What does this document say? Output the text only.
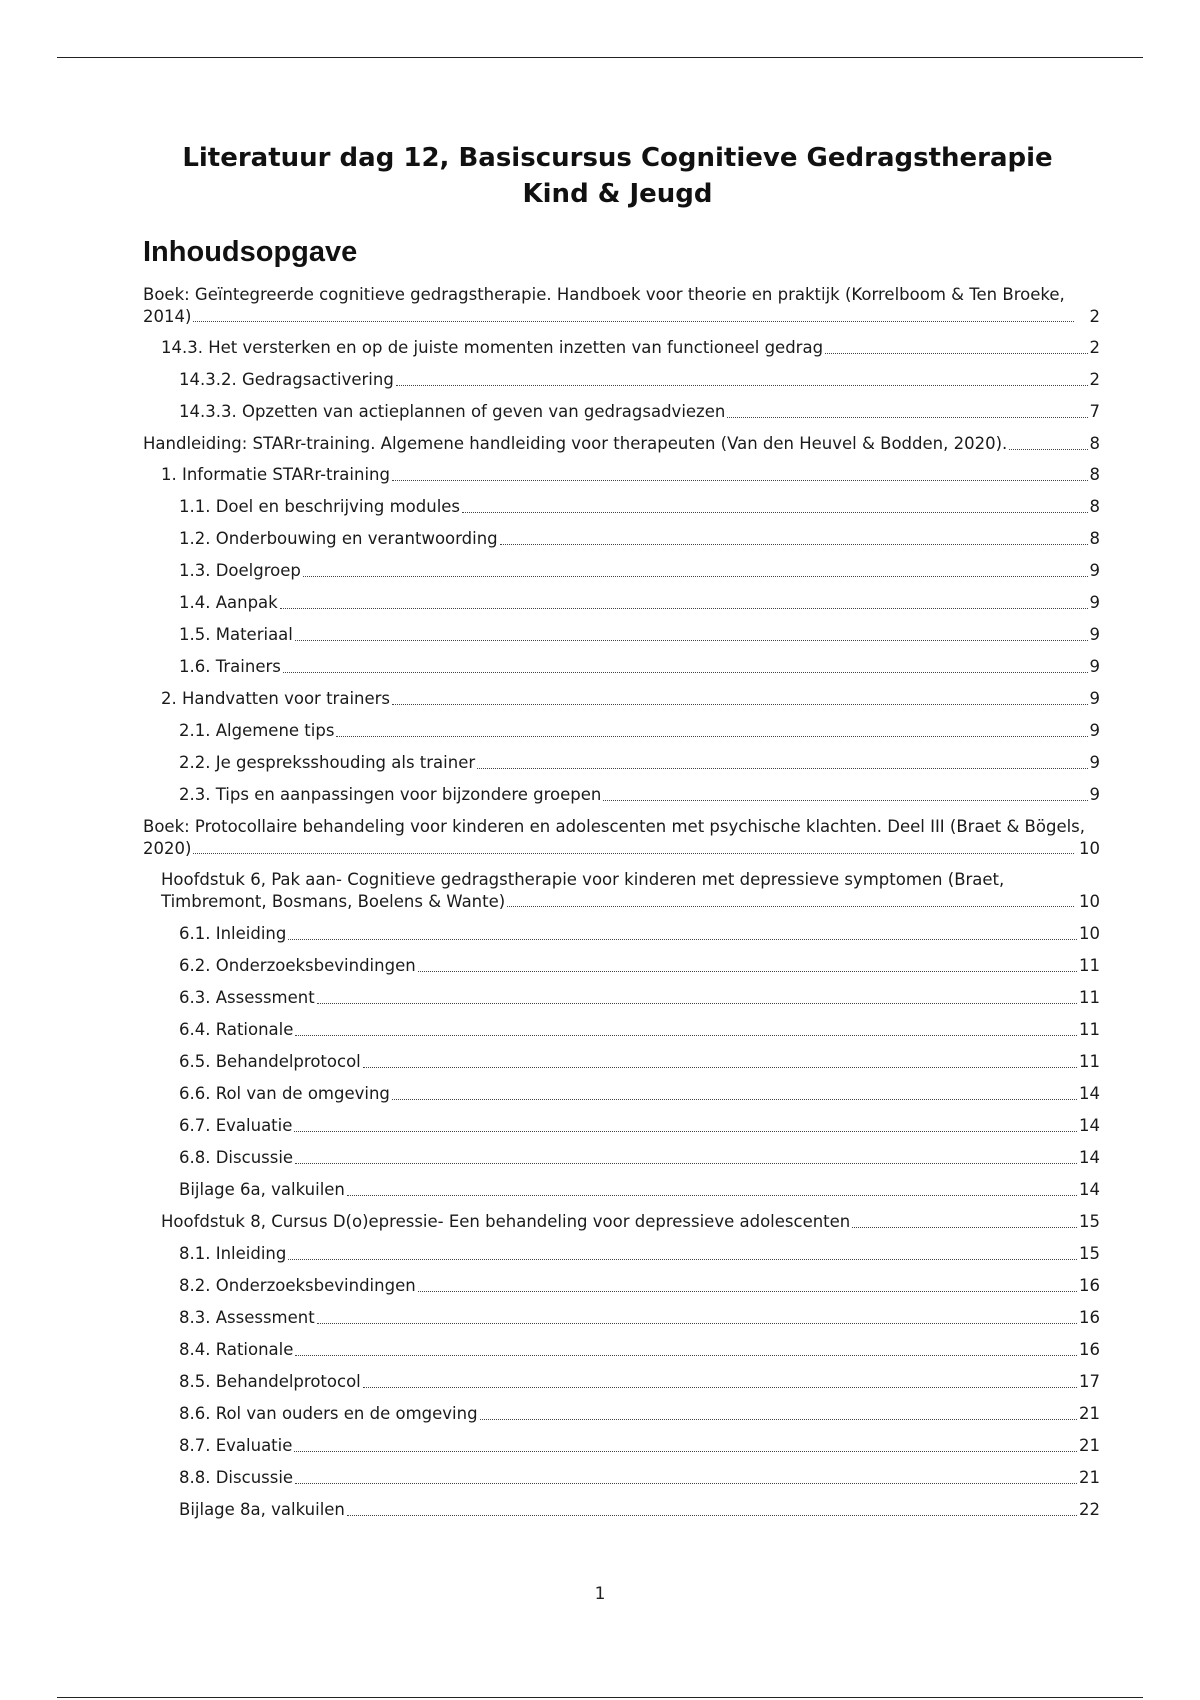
Literatuur dag 12, Basiscursus Cognitieve Gedragstherapie Kind & Jeugd
Inhoudsopgave
Boek: Geïntegreerde cognitieve gedragstherapie. Handboek voor theorie en praktijk (Korrelboom & Ten Broeke, 2014)	2
14.3. Het versterken en op de juiste momenten inzetten van functioneel gedrag	2
14.3.2. Gedragsactivering	2
14.3.3. Opzetten van actieplannen of geven van gedragsadviezen	7
Handleiding: STARr-training. Algemene handleiding voor therapeuten (Van den Heuvel & Bodden, 2020).	8
1. Informatie STARr-training	8
1.1. Doel en beschrijving modules	8
1.2. Onderbouwing en verantwoording	8
1.3. Doelgroep	9
1.4. Aanpak	9
1.5. Materiaal	9
1.6. Trainers	9
2. Handvatten voor trainers	9
2.1. Algemene tips	9
2.2. Je gespreksshouding als trainer	9
2.3. Tips en aanpassingen voor bijzondere groepen	9
Boek: Protocollaire behandeling voor kinderen en adolescenten met psychische klachten. Deel III (Braet & Bögels, 2020)	10
Hoofdstuk 6, Pak aan- Cognitieve gedragstherapie voor kinderen met depressieve symptomen (Braet, Timbremont, Bosmans, Boelens & Wante)	10
6.1. Inleiding	10
6.2. Onderzoeksbevindingen	11
6.3. Assessment	11
6.4. Rationale	11
6.5. Behandelprotocol	11
6.6. Rol van de omgeving	14
6.7. Evaluatie	14
6.8. Discussie	14
Bijlage 6a, valkuilen	14
Hoofdstuk 8, Cursus D(o)epressie- Een behandeling voor depressieve adolescenten	15
8.1. Inleiding	15
8.2. Onderzoeksbevindingen	16
8.3. Assessment	16
8.4. Rationale	16
8.5. Behandelprotocol	17
8.6. Rol van ouders en de omgeving	21
8.7. Evaluatie	21
8.8. Discussie	21
Bijlage 8a, valkuilen	22
1
